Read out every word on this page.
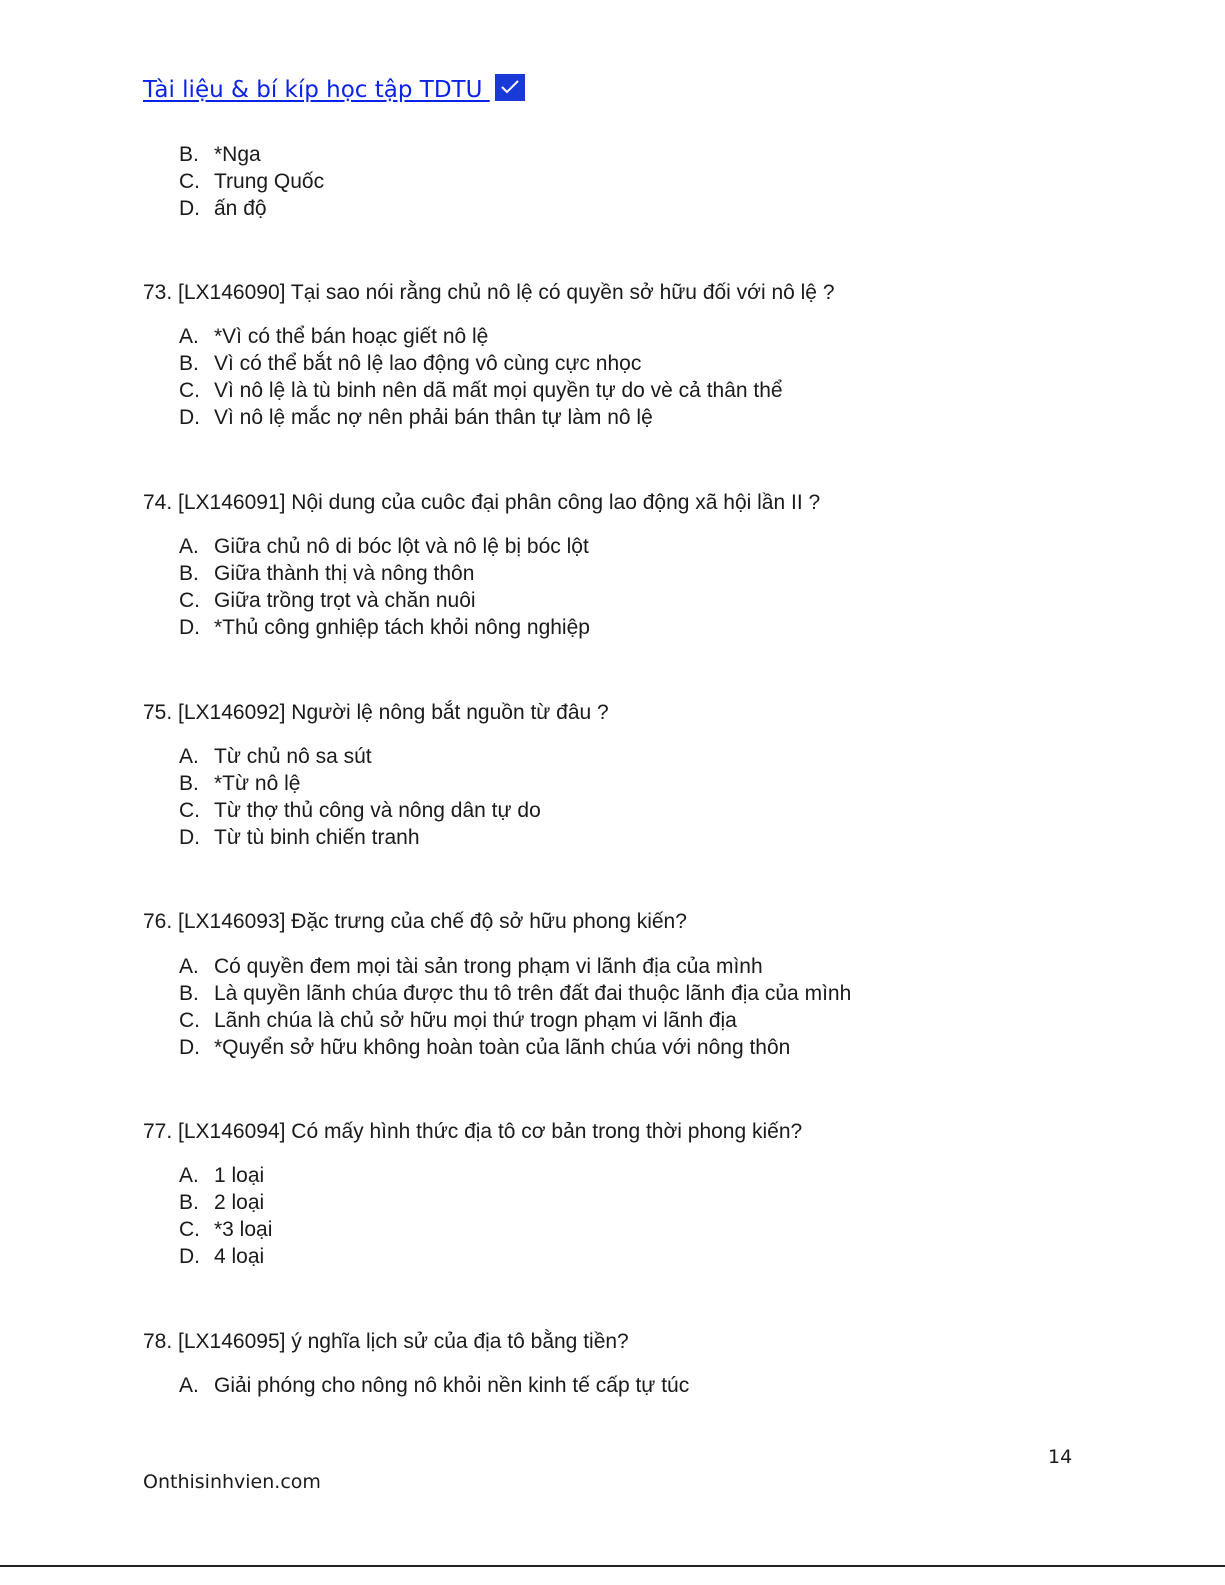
Tài liệu & bí kíp học tập TDTU
B. *Nga
C. Trung Quốc
D. ấn độ
73. [LX146090] Tại sao nói rằng chủ nô lệ có quyền sở hữu đối với nô lệ ?
A. *Vì có thể bán hoạc giết nô lệ
B. Vì có thể bắt nô lệ lao động vô cùng cực nhọc
C. Vì nô lệ là tù binh nên dã mất mọi quyền tự do vè cả thân thể
D. Vì nô lệ mắc nợ nên phải bán thân tự làm nô lệ
74. [LX146091] Nội dung của cuôc đại phân công lao động xã hội lần II ?
A. Giữa chủ nô di bóc lột và nô lệ bị bóc lột
B. Giữa thành thị và nông thôn
C. Giữa trồng trọt và chăn nuôi
D. *Thủ công gnhiệp tách khỏi nông nghiệp
75. [LX146092] Người lệ nông bắt nguồn từ đâu ?
A. Từ chủ nô sa sút
B. *Từ nô lệ
C. Từ thợ thủ công và nông dân tự do
D. Từ tù binh chiến tranh
76. [LX146093] Đặc trưng của chế độ sở hữu phong kiến?
A. Có quyền đem mọi tài sản trong phạm vi lãnh địa của mình
B. Là quyền lãnh chúa được thu tô trên đất đai thuộc lãnh địa của mình
C. Lãnh chúa là chủ sở hữu mọi thứ trogn phạm vi lãnh địa
D. *Quyển sở hữu không hoàn toàn của lãnh chúa với nông thôn
77. [LX146094] Có mấy hình thức địa tô cơ bản trong thời phong kiến?
A. 1 loại
B. 2 loại
C. *3 loại
D. 4 loại
78. [LX146095] ý nghĩa lịch sử của địa tô bằng tiền?
A. Giải phóng cho nông nô khỏi nền kinh tế cấp tự túc
14
Onthisinhvien.com
